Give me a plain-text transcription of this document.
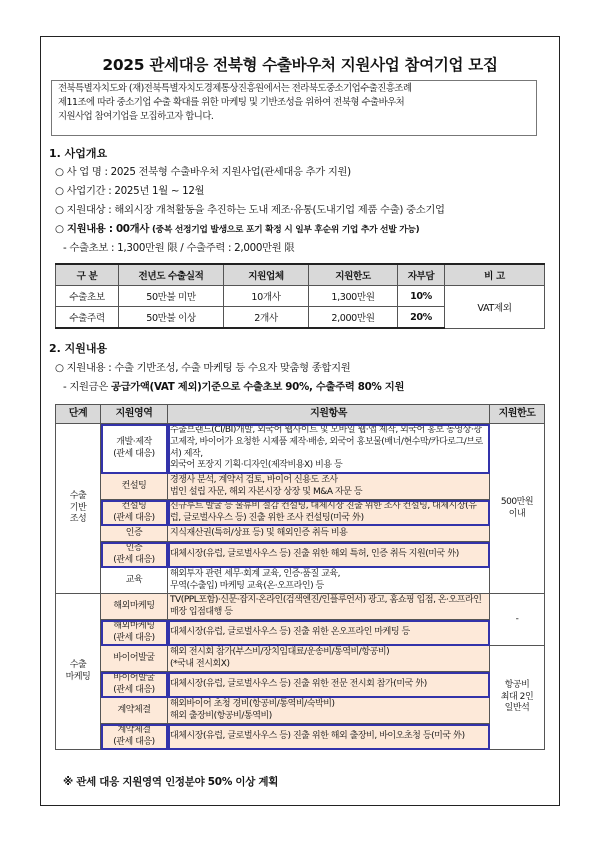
2025 관세대응 전북형 수출바우처 지원사업 참여기업 모집
전북특별자치도와 (재)전북특별자치도경제통상진흥원에서는 전라북도중소기업수출진흥조례
제11조에 따라 중소기업 수출 확대를 위한 마케팅 및 기반조성을 위하여 전북형 수출바우처
지원사업 참여기업을 모집하고자 합니다.
1. 사업개요
○ 사 업 명 : 2025 전북형 수출바우처 지원사업(관세대응 추가 지원)
○ 사업기간 : 2025년 1월 ~ 12월
○ 지원대상 : 해외시장 개척활동을 추진하는 도내 제조·유통(도내기업 제품 수출) 중소기업
○ 지원내용 : 00개사 (중복 선정기업 발생으로 포기 확정 시 일부 후순위 기업 추가 선발 가능)
- 수출초보 : 1,300만원 限 / 수출주력 : 2,000만원 限
구 분	전년도 수출실적	지원업체	지원한도	자부담	비 고
수출초보	50만불 미만	10개사	1,300만원	10%	VAT제외
수출주력	50만불 이상	2개사	2,000만원	20%	
2. 지원내용
○ 지원내용 : 수출 기반조성, 수출 마케팅 등 수요자 맞춤형 종합지원
- 지원금은 공급가액(VAT 제외)기준으로 수출초보 90%, 수출주력 80% 지원
단계	지원영역	지원항목	지원한도
수출
기반
조성	개발·제작
(관세 대응)	수출브랜드(CI/BI)개발, 외국어 웹사이트 및 모바일 웹·앱 제작, 외국어 홍보 동영상·광고제작, 바이어가 요청한 시제품 제작·배송, 외국어 홍보물(배너/현수막/카다로그/브로셔) 제작,
외국어 포장지 기획·디자인(제작비용X) 비용 등	500만원
이내
	컨설팅	경쟁사 분석, 계약서 검토, 바이어 신용도 조사
법인 설립 자문, 해외 자본시장 상장 및 M&A 자문 등	
	컨설팅
(관세 대응)	신규루트 발굴 등 물류비 절감 컨설팅, 대체시장 진출 위한 조사 컨설팅, 대체시장(유럽, 글로벌사우스 등) 진출 위한 조사 컨설팅(미국 外)	
	인증	지식재산권(특허/상표 등) 및 해외인증 취득 비용	
	인증
(관세 대응)	대체시장(유럽, 글로벌사우스 등) 진출 위한 해외 특허, 인증 취득 지원(미국 外)	
	교육	해외투자 관련 세무·회계 교육, 인증·품질 교육,
무역(수출입) 마케팅 교육(온·오프라인) 등	
수출
마케팅	해외마케팅	TV(PPL포함)·신문·잡지·온라인(검색엔진/인플루언서) 광고, 홈쇼핑 입점, 온·오프라인매장 입점대행 등	-
	해외마케팅
(관세 대응)	대체시장(유럽, 글로벌사우스 등) 진출 위한 온오프라인 마케팅 등	
	바이어발굴	해외 전시회 참가(부스비/장치임대료/운송비/통역비/항공비)
(*국내 전시회X)	항공비
최대 2인
일반석
	바이어발굴
(관세 대응)	대체시장(유럽, 글로벌사우스 등) 진출 위한 전문 전시회 참가(미국 外)	
	계약체결	해외바이어 초청 경비(항공비/통역비/숙박비)
해외 출장비(항공비/통역비)	
	계약체결
(관세 대응)	대체시장(유럽, 글로벌사우스 등) 진출 위한 해외 출장비, 바이오초청 등(미국 外)	
※ 관세 대응 지원영역 인정분야 50% 이상 계획
